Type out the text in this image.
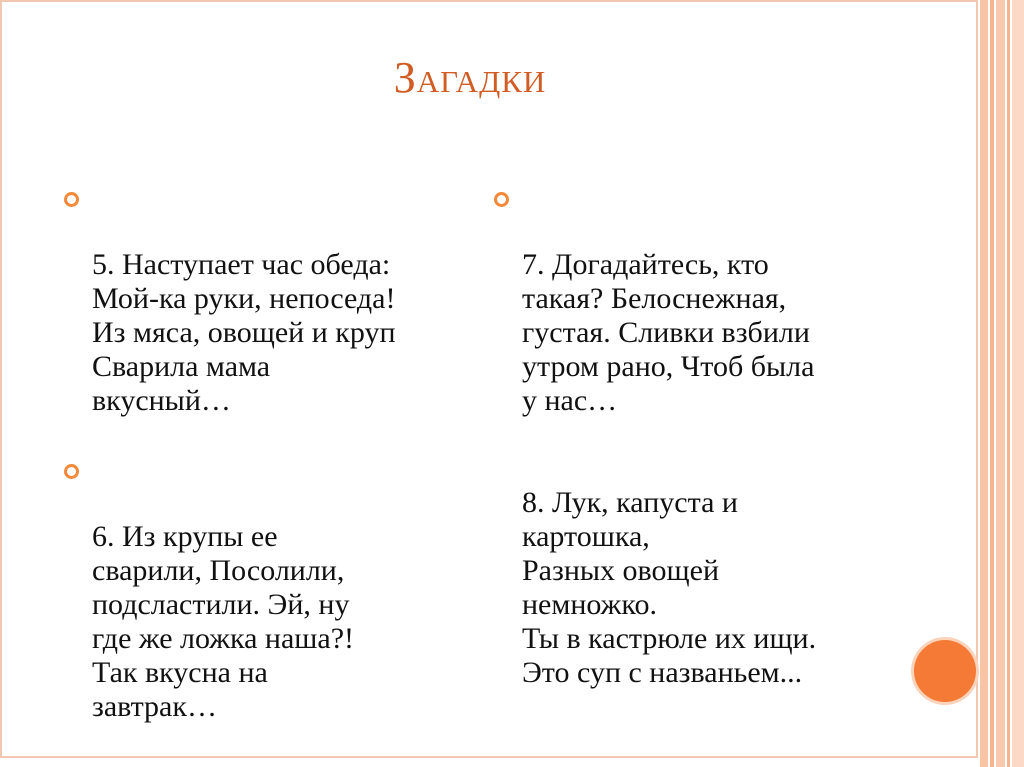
Загадки

5. Наступает час обеда:
Мой-ка руки, непоседа!
Из мяса, овощей и круп
Сварила мама
вкусный…

6. Из крупы ее
сварили, Посолили,
подсластили. Эй, ну
где же ложка наша?!
Так вкусна на
завтрак…

7. Догадайтесь, кто
такая? Белоснежная,
густая. Сливки взбили
утром рано, Чтоб была
у нас…

8. Лук, капуста и
картошка,
Разных овощей
немножко.
Ты в кастрюле их ищи.
Это суп с названьем...
